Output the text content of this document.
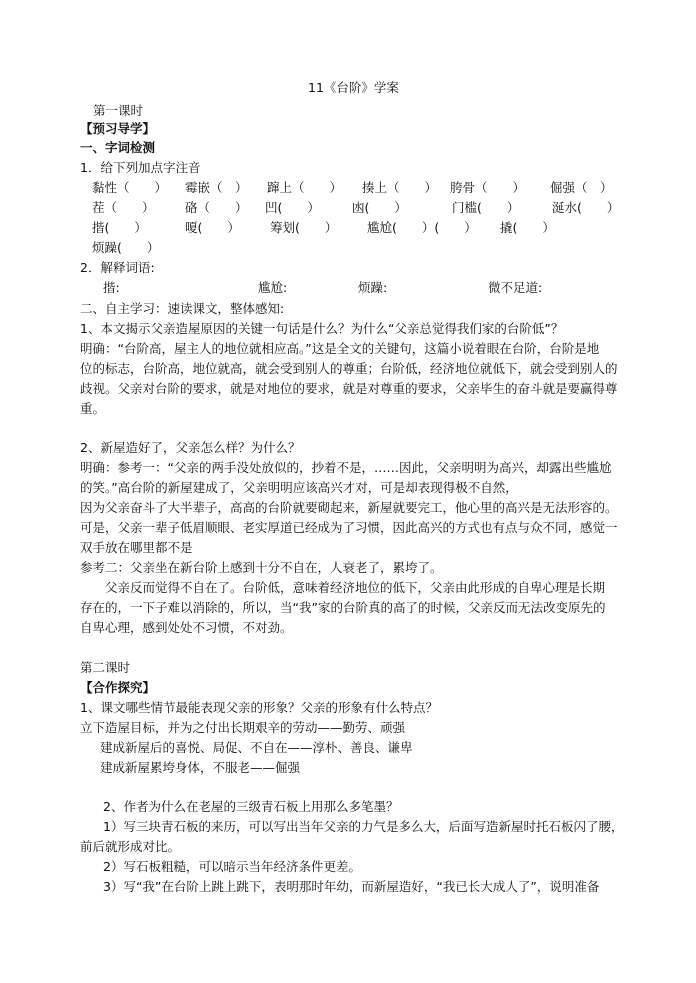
11《台阶》学案
第一课时
【预习导学】
一、字词检测
1．给下列加点字注音
黏性（　　） 霉嵌（　） 蹿上（　　） 揍上（　　） 胯骨（　　） 倔强（　）
茬（　　） 硌（　　） 凹(　　）	凼(　　）	门槛(　　）	涎水(　　）
揩(　　）	嗄(　　） 筹划(　　） 尴尬(　　）(　　） 撬(　　）
烦躁(　　）
2．解释词语:
揩:	尴尬:	烦躁:	微不足道:
二、自主学习：速读课文，整体感知:
1、本文揭示父亲造屋原因的关键一句话是什么？为什么“父亲总觉得我们家的台阶低”？
明确：“台阶高，屋主人的地位就相应高。”这是全文的关键句，这篇小说着眼在台阶，台阶是地
位的标志，台阶高，地位就高，就会受到别人的尊重；台阶低，经济地位就低下，就会受到别人的
歧视。父亲对台阶的要求，就是对地位的要求，就是对尊重的要求，父亲毕生的奋斗就是要赢得尊
重。
2、新屋造好了，父亲怎么样？为什么？
明确：参考一：“父亲的两手没处放似的，抄着不是，……因此，父亲明明为高兴，却露出些尴尬
的笑。”高台阶的新屋建成了，父亲明明应该高兴才对，可是却表现得极不自然，
因为父亲奋斗了大半辈子，高高的台阶就要砌起来，新屋就要完工，他心里的高兴是无法形容的。
可是，父亲一辈子低眉顺眼、老实厚道已经成为了习惯，因此高兴的方式也有点与众不同，感觉一
双手放在哪里都不是
参考二：父亲坐在新台阶上感到十分不自在，人衰老了，累垮了。
父亲反而觉得不自在了。台阶低，意味着经济地位的低下，父亲由此形成的自卑心理是长期
存在的，一下子难以消除的，所以，当“我”家的台阶真的高了的时候，父亲反而无法改变原先的
自卑心理，感到处处不习惯，不对劲。
第二课时
【合作探究】
1、课文哪些情节最能表现父亲的形象？父亲的形象有什么特点？
立下造屋目标，并为之付出长期艰辛的劳动——勤劳、顽强
建成新屋后的喜悦、局促、不自在——淳朴、善良、谦卑
建成新屋累垮身体，不服老——倔强
2、作者为什么在老屋的三级青石板上用那么多笔墨？
1）写三块青石板的来历，可以写出当年父亲的力气是多么大，后面写造新屋时托石板闪了腰，
前后就形成对比。
2）写石板粗糙，可以暗示当年经济条件更差。
3）写“我”在台阶上跳上跳下，表明那时年幼，而新屋造好，“我已长大成人了”，说明准备
